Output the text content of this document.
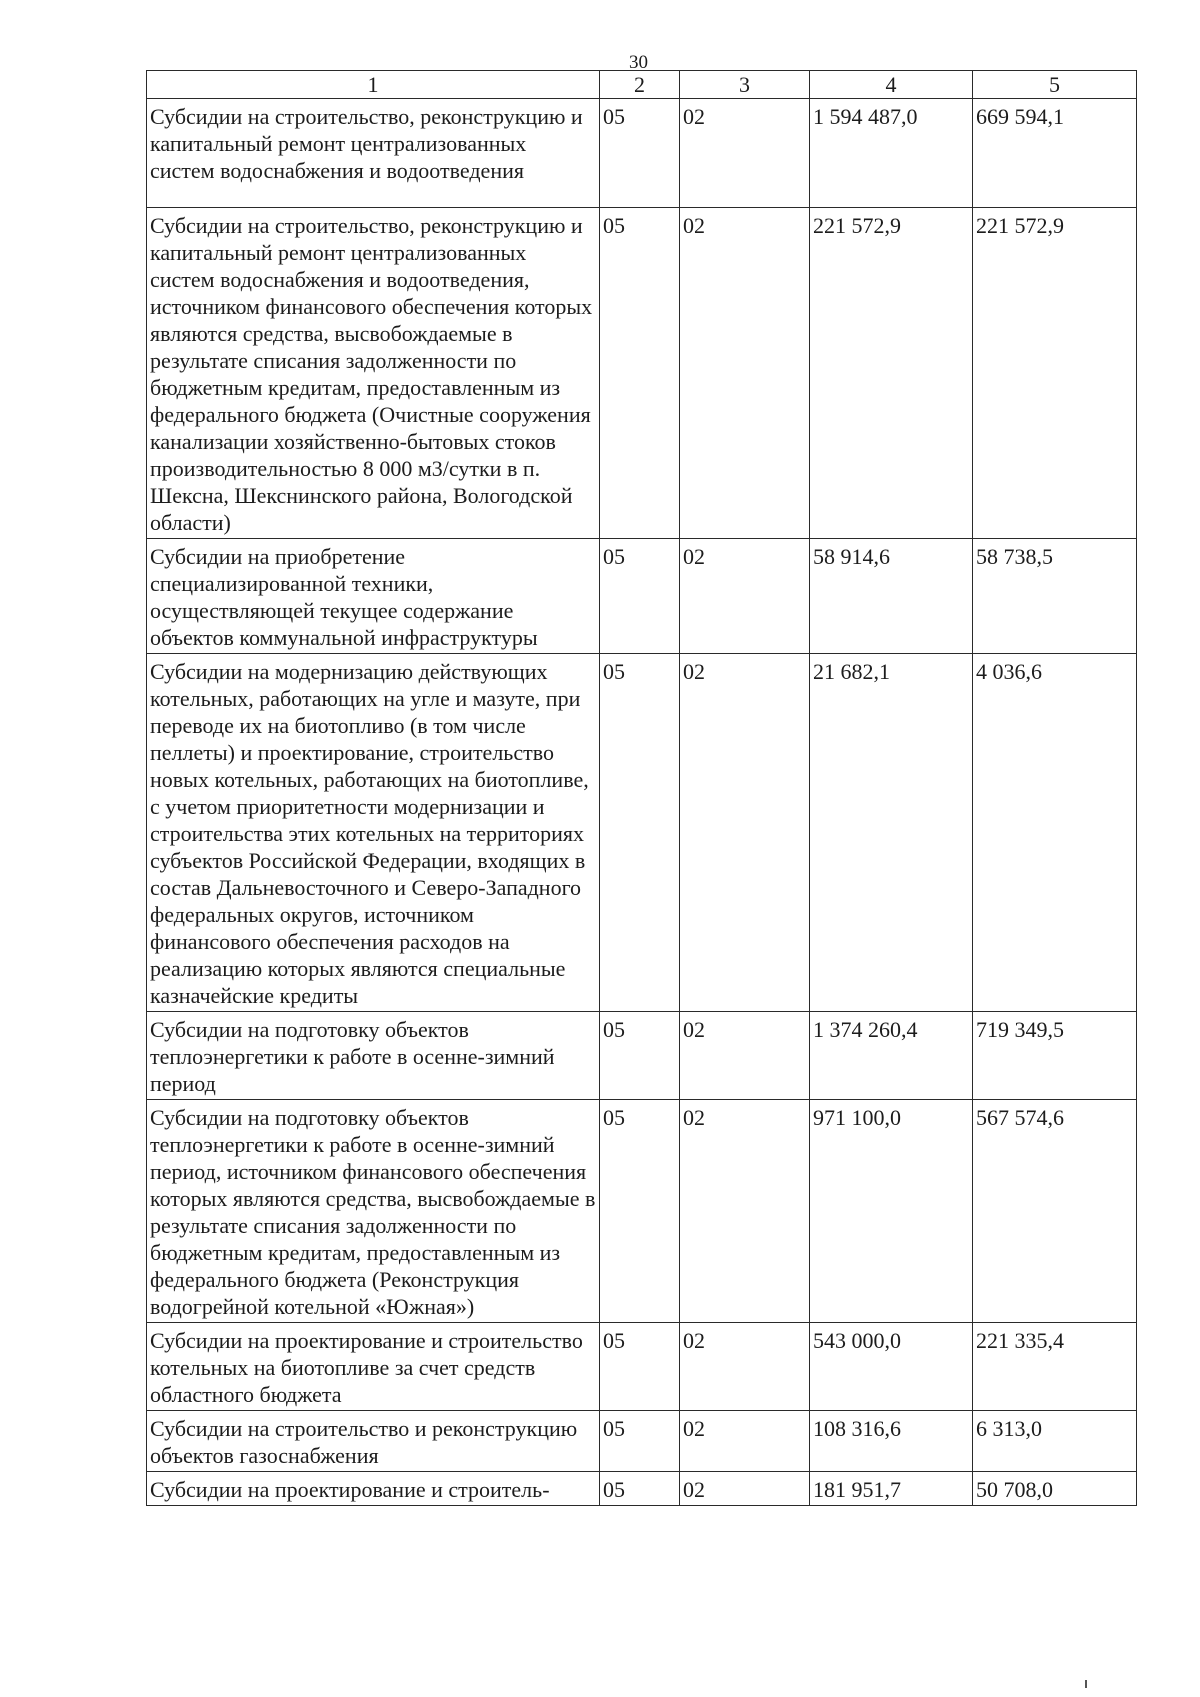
30
1	2	3	4	5
Субсидии на строительство, реконструкцию и капитальный ремонт централизованных систем водоснабжения и водоотведения	05	02	1 594 487,0	669 594,1
Субсидии на строительство, реконструкцию и капитальный ремонт централизованных систем водоснабжения и водоотведения, источником финансового обеспечения которых являются средства, высвобождаемые в результате списания задолженности по бюджетным кредитам, предоставленным из федерального бюджета (Очистные сооружения канализации хозяйственно-бытовых стоков производительностью 8 000 м3/сутки в п. Шексна, Шекснинского района, Вологодской области)	05	02	221 572,9	221 572,9
Субсидии на приобретение специализированной техники, осуществляющей текущее содержание объектов коммунальной инфраструктуры	05	02	58 914,6	58 738,5
Субсидии на модернизацию действующих котельных, работающих на угле и мазуте, при переводе их на биотопливо (в том числе пеллеты) и проектирование, строительство новых котельных, работающих на биотопливе, с учетом приоритетности модернизации и строительства этих котельных на территориях субъектов Российской Федерации, входящих в состав Дальневосточного и Северо-Западного федеральных округов, источником финансового обеспечения расходов на реализацию которых являются специальные казначейские кредиты	05	02	21 682,1	4 036,6
Субсидии на подготовку объектов теплоэнергетики к работе в осенне-зимний период	05	02	1 374 260,4	719 349,5
Субсидии на подготовку объектов теплоэнергетики к работе в осенне-зимний период, источником финансового обеспечения которых являются средства, высвобождаемые в результате списания задолженности по бюджетным кредитам, предоставленным из федерального бюджета (Реконструкция водогрейной котельной «Южная»)	05	02	971 100,0	567 574,6
Субсидии на проектирование и строительство котельных на биотопливе за счет средств областного бюджета	05	02	543 000,0	221 335,4
Субсидии на строительство и реконструкцию объектов газоснабжения	05	02	108 316,6	6 313,0
Субсидии на проектирование и строитель-	05	02	181 951,7	50 708,0
